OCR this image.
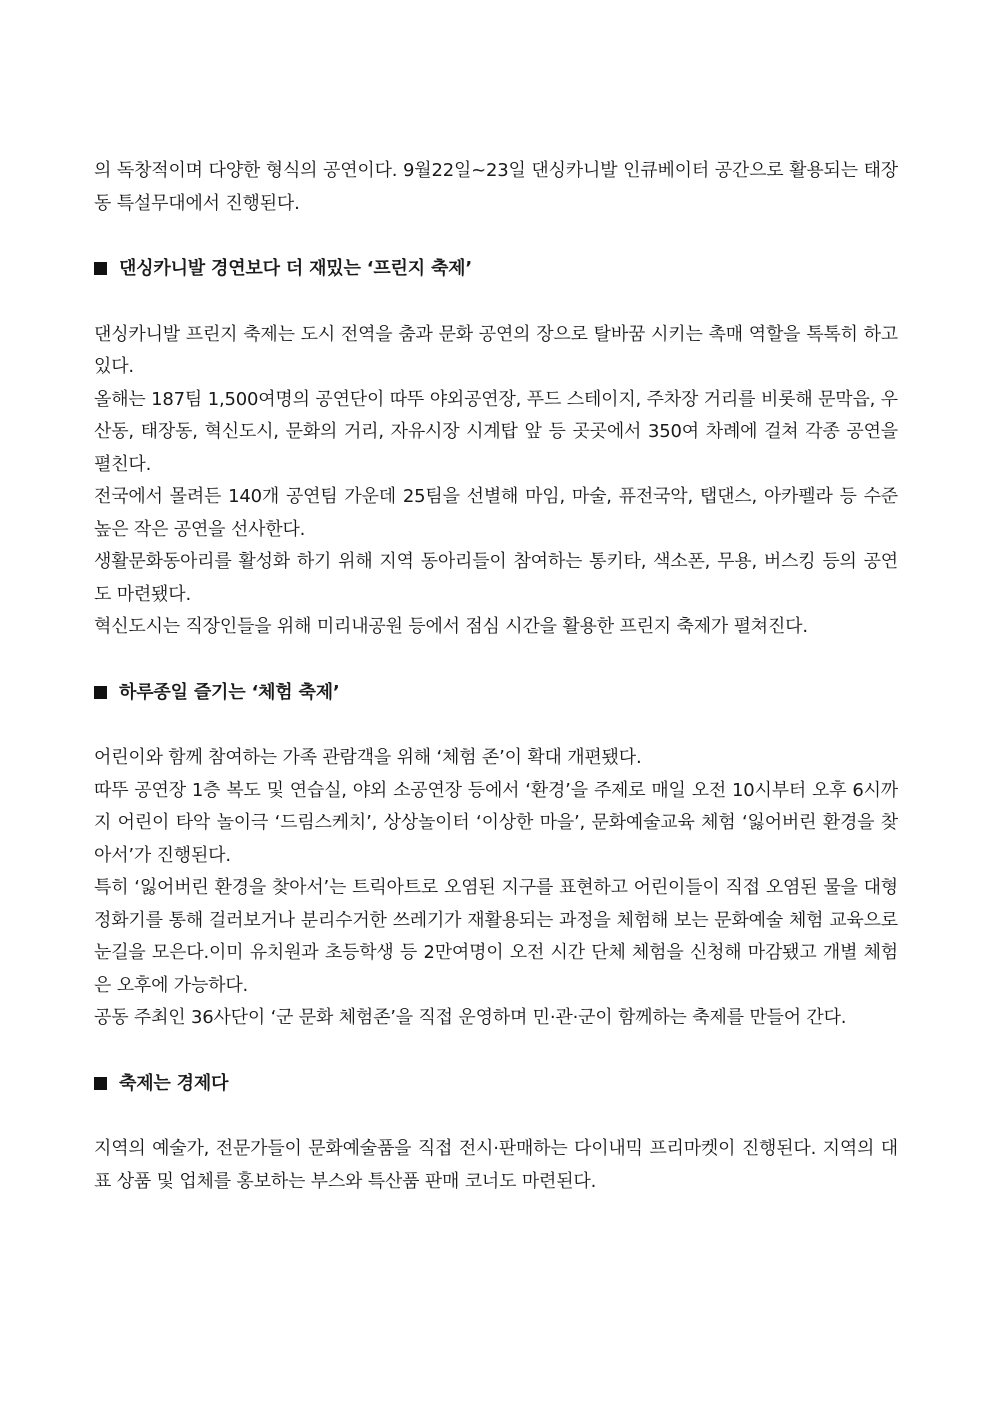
의 독창적이며 다양한 형식의 공연이다. 9월22일~23일 댄싱카니발 인큐베이터 공간으로 활용되는 태장동 특설무대에서 진행된다.

댄싱카니발 경연보다 더 재밌는 ‘프린지 축제’

댄싱카니발 프린지 축제는 도시 전역을 춤과 문화 공연의 장으로 탈바꿈 시키는 촉매 역할을 톡톡히 하고 있다.

올해는 187팀 1,500여명의 공연단이 따뚜 야외공연장, 푸드 스테이지, 주차장 거리를 비롯해 문막읍, 우산동, 태장동, 혁신도시, 문화의 거리, 자유시장 시계탑 앞 등 곳곳에서 350여 차례에 걸쳐 각종 공연을 펼친다.

전국에서 몰려든 140개 공연팀 가운데 25팀을 선별해 마임, 마술, 퓨전국악, 탭댄스, 아카펠라 등 수준 높은 작은 공연을 선사한다.

생활문화동아리를 활성화 하기 위해 지역 동아리들이 참여하는 통키타, 색소폰, 무용, 버스킹 등의 공연도 마련됐다.

혁신도시는 직장인들을 위해 미리내공원 등에서 점심 시간을 활용한 프린지 축제가 펼쳐진다.

하루종일 즐기는 ‘체험 축제’

어린이와 함께 참여하는 가족 관람객을 위해 ‘체험 존’이 확대 개편됐다.

따뚜 공연장 1층 복도 및 연습실, 야외 소공연장 등에서 ‘환경’을 주제로 매일 오전 10시부터 오후 6시까지 어린이 타악 놀이극 ‘드림스케치’, 상상놀이터 ‘이상한 마을’, 문화예술교육 체험 ‘잃어버린 환경을 찾아서’가 진행된다.

특히 ‘잃어버린 환경을 찾아서’는 트릭아트로 오염된 지구를 표현하고 어린이들이 직접 오염된 물을 대형 정화기를 통해 걸러보거나 분리수거한 쓰레기가 재활용되는 과정을 체험해 보는 문화예술 체험 교육으로 눈길을 모은다.이미 유치원과 초등학생 등 2만여명이 오전 시간 단체 체험을 신청해 마감됐고 개별 체험은 오후에 가능하다.

공동 주최인 36사단이 ‘군 문화 체험존’을 직접 운영하며 민·관·군이 함께하는 축제를 만들어 간다.

축제는 경제다

지역의 예술가, 전문가들이 문화예술품을 직접 전시·판매하는 다이내믹 프리마켓이 진행된다. 지역의 대표 상품 및 업체를 홍보하는 부스와 특산품 판매 코너도 마련된다.
